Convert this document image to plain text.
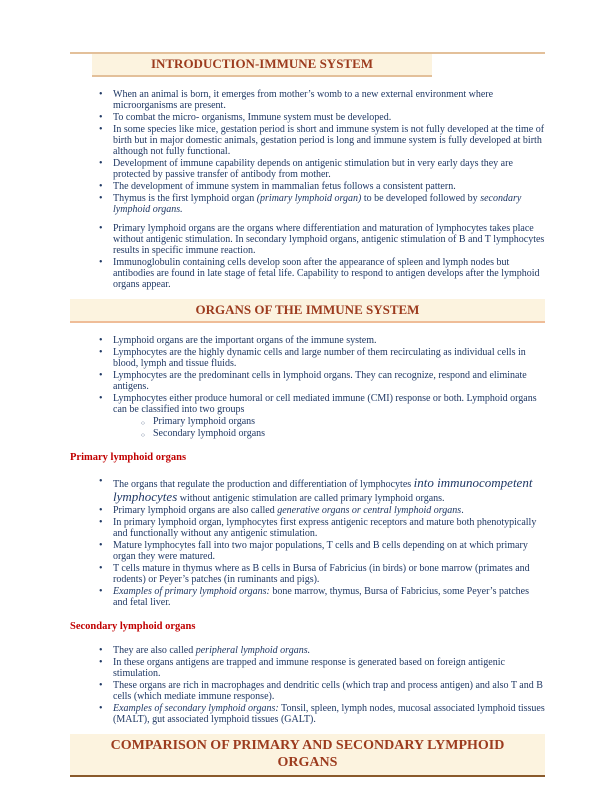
INTRODUCTION-IMMUNE SYSTEM
• When an animal is born, it emerges from mother’s womb to a new external environment where microorganisms are present.
• To combat the micro- organisms, Immune system must be developed.
• In some species like mice, gestation period is short and immune system is not fully developed at the time of birth but in major domestic animals, gestation period is long and immune system is fully developed at birth although not fully functional.
• Development of immune capability depends on antigenic stimulation but in very early days they are protected by passive transfer of antibody from mother.
• The development of immune system in mammalian fetus follows a consistent pattern.
• Thymus is the first lymphoid organ (primary lymphoid organ) to be developed followed by secondary lymphoid organs.
• Primary lymphoid organs are the organs where differentiation and maturation of lymphocytes takes place without antigenic stimulation. In secondary lymphoid organs, antigenic stimulation of B and T lymphocytes results in specific immune reaction.
• Immunoglobulin containing cells develop soon after the appearance of spleen and lymph nodes but antibodies are found in late stage of fetal life. Capability to respond to antigen develops after the lymphoid organs appear.
ORGANS OF THE IMMUNE SYSTEM
• Lymphoid organs are the important organs of the immune system.
• Lymphocytes are the highly dynamic cells and large number of them recirculating as individual cells in blood, lymph and tissue fluids.
• Lymphocytes are the predominant cells in lymphoid organs. They can recognize, respond and eliminate antigens.
• Lymphocytes either produce humoral or cell mediated immune (CMI) response or both. Lymphoid organs can be classified into two groups
○ Primary lymphoid organs
○ Secondary lymphoid organs
Primary lymphoid organs
• The organs that regulate the production and differentiation of lymphocytes into immunocompetent lymphocytes without antigenic stimulation are called primary lymphoid organs.
• Primary lymphoid organs are also called generative organs or central lymphoid organs.
• In primary lymphoid organ, lymphocytes first express antigenic receptors and mature both phenotypically and functionally without any antigenic stimulation.
• Mature lymphocytes fall into two major populations, T cells and B cells depending on at which primary organ they were matured.
• T cells mature in thymus where as B cells in Bursa of Fabricius (in birds) or bone marrow (primates and rodents) or Peyer’s patches (in ruminants and pigs).
• Examples of primary lymphoid organs: bone marrow, thymus, Bursa of Fabricius, some Peyer’s patches and fetal liver.
Secondary lymphoid organs
• They are also called peripheral lymphoid organs.
• In these organs antigens are trapped and immune response is generated based on foreign antigenic stimulation.
• These organs are rich in macrophages and dendritic cells (which trap and process antigen) and also T and B cells (which mediate immune response).
• Examples of secondary lymphoid organs: Tonsil, spleen, lymph nodes, mucosal associated lymphoid tissues (MALT), gut associated lymphoid tissues (GALT).
COMPARISON OF PRIMARY AND SECONDARY LYMPHOID ORGANS
